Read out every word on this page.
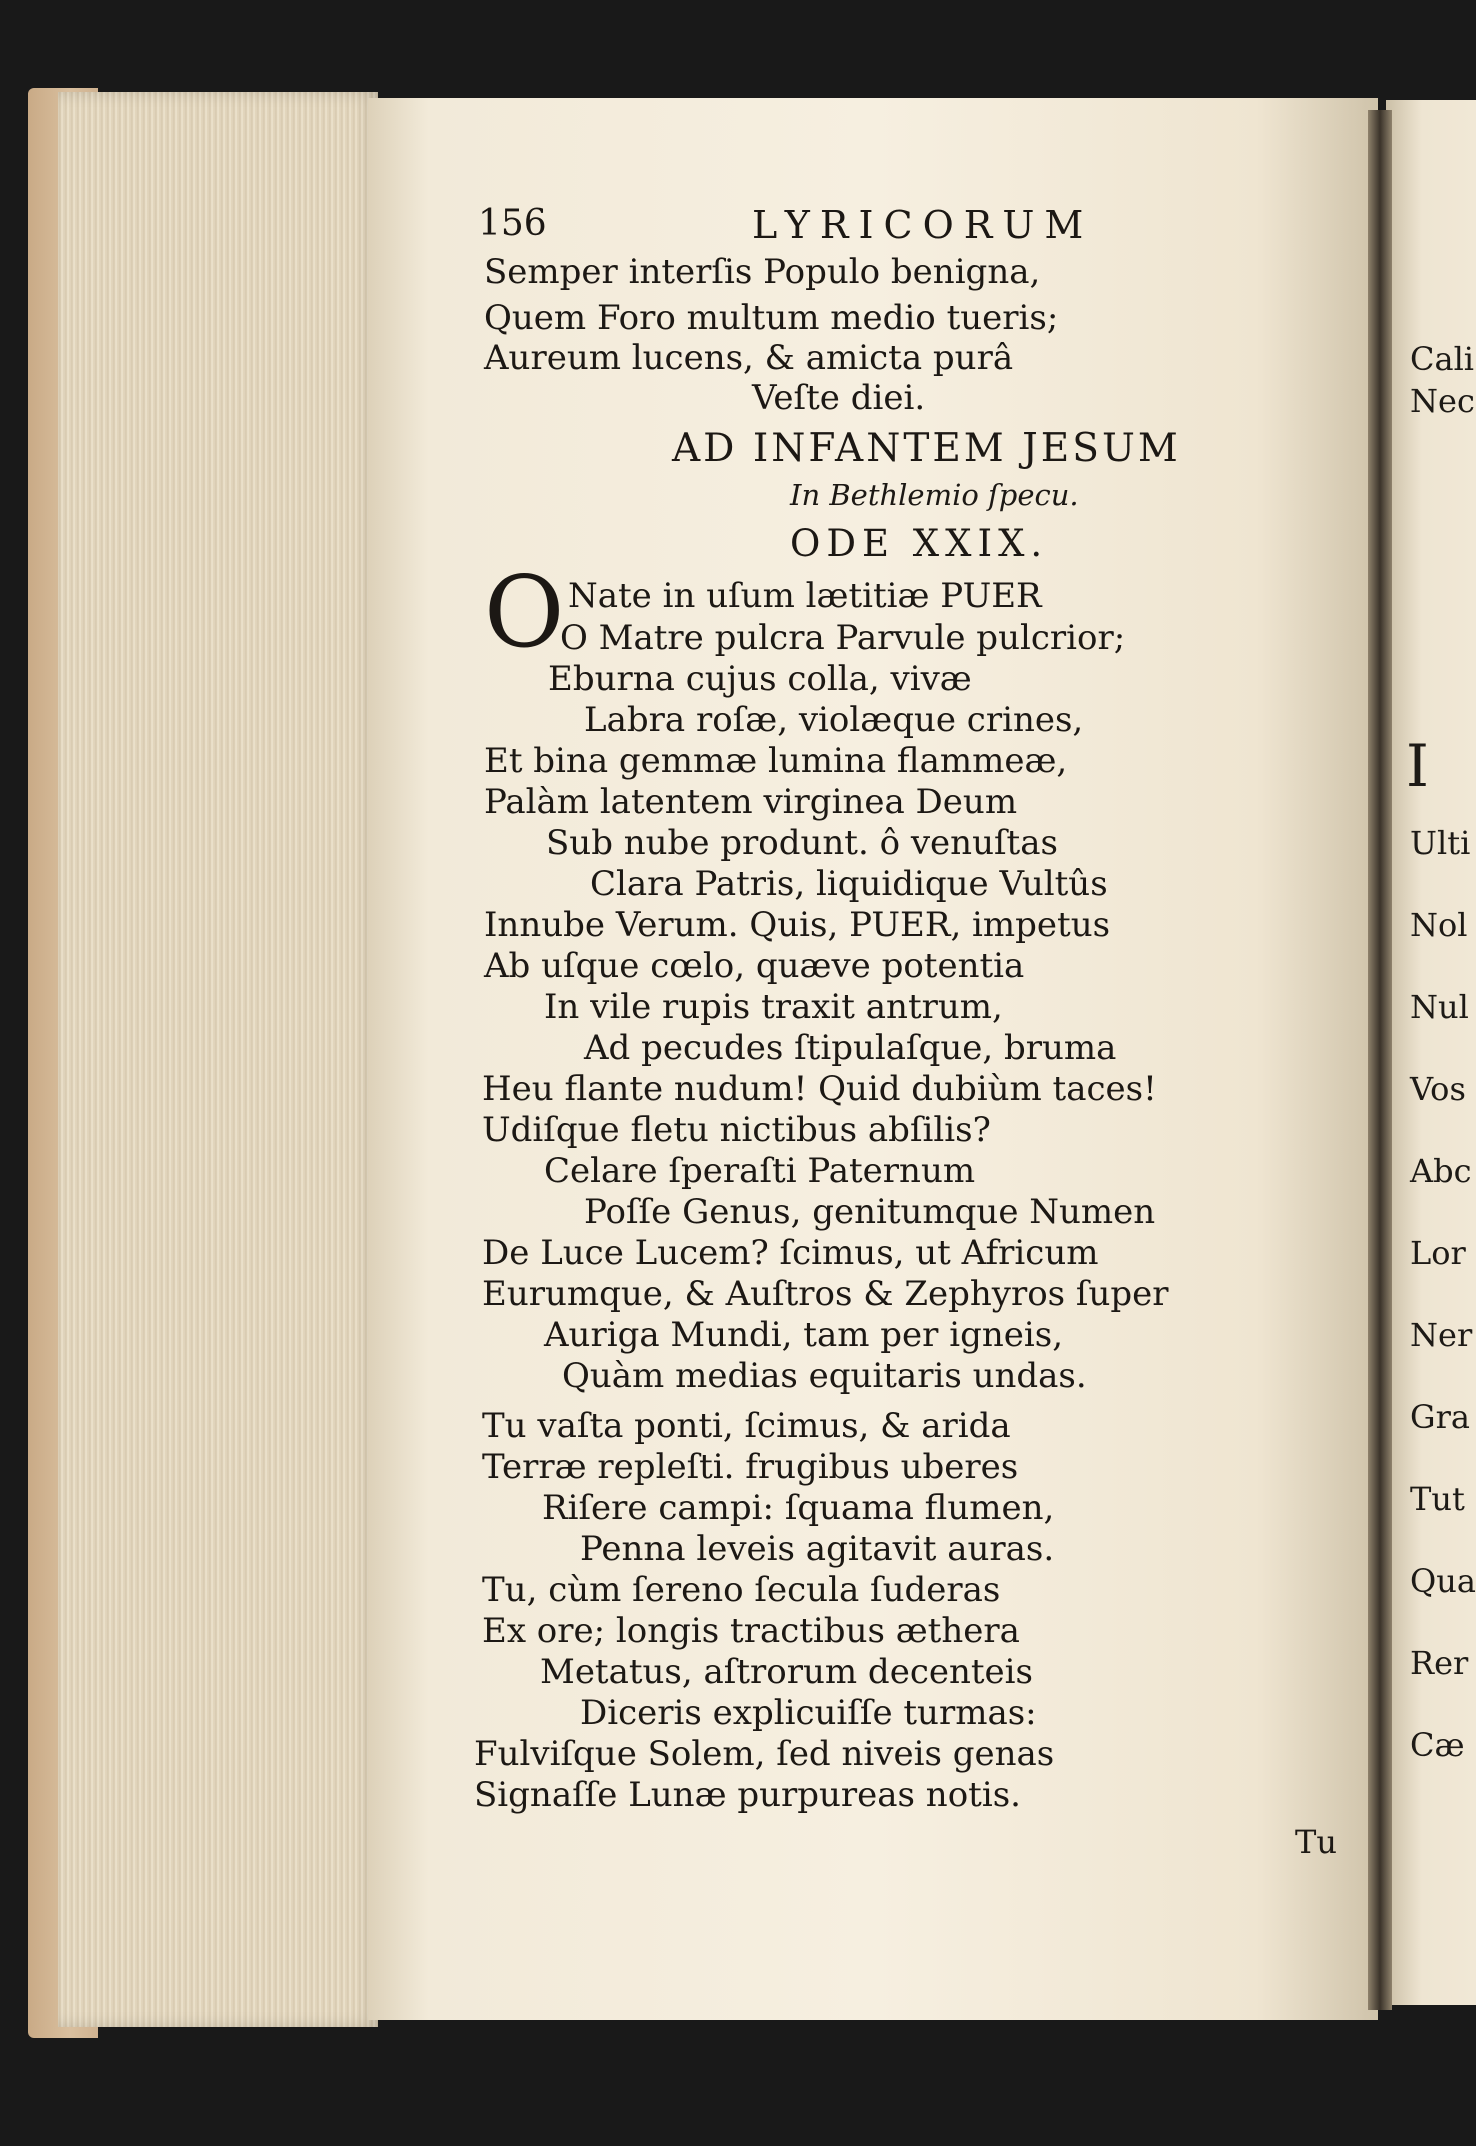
156	LYRICORUM
Semper interſis Populo benigna,
Quem Foro multum medio tueris;
Aureum lucens, & amicta purâ
Veſte diei.
AD INFANTEM JESUM
In Bethlemio ſpecu.
ODE XXIX.
O Nate in uſum lætitiæ PUER
O Matre pulcra Parvule pulcrior;
Eburna cujus colla, vivæ
Labra roſæ, violæque crines,
Et bina gemmæ lumina flammeæ,
Palàm latentem virginea Deum
Sub nube produnt. ô venuſtas
Clara Patris, liquidique Vultûs
Innube Verum. Quis, PUER, impetus
Ab uſque cœlo, quæve potentia
In vile rupis traxit antrum,
Ad pecudes ſtipulaſque, bruma
Heu flante nudum! Quid dubiùm taces!
Udiſque fletu nictibus abſilis?
Celare ſperaſti Paternum
Poſſe Genus, genitumque Numen
De Luce Lucem? ſcimus, ut Africum
Eurumque, & Auſtros & Zephyros ſuper
Auriga Mundi, tam per igneis,
Quàm medias equitaris undas.
Tu vaſta ponti, ſcimus, & arida
Terræ repleſti. frugibus uberes
Riſere campi: ſquama flumen,
Penna leveis agitavit auras.
Tu, cùm ſereno ſecula ſuderas
Ex ore; longis tractibus æthera
Metatus, aſtrorum decenteis
Diceris explicuiſſe turmas:
Fulviſque Solem, ſed niveis genas
Signaſſe Lunæ purpureas notis.
Tu
Cali
Nec
I
Ulti
Nol
Nul
Vos
Abc
Lor
Ner
Gra
Tut
Qua
Rer
Cæ
